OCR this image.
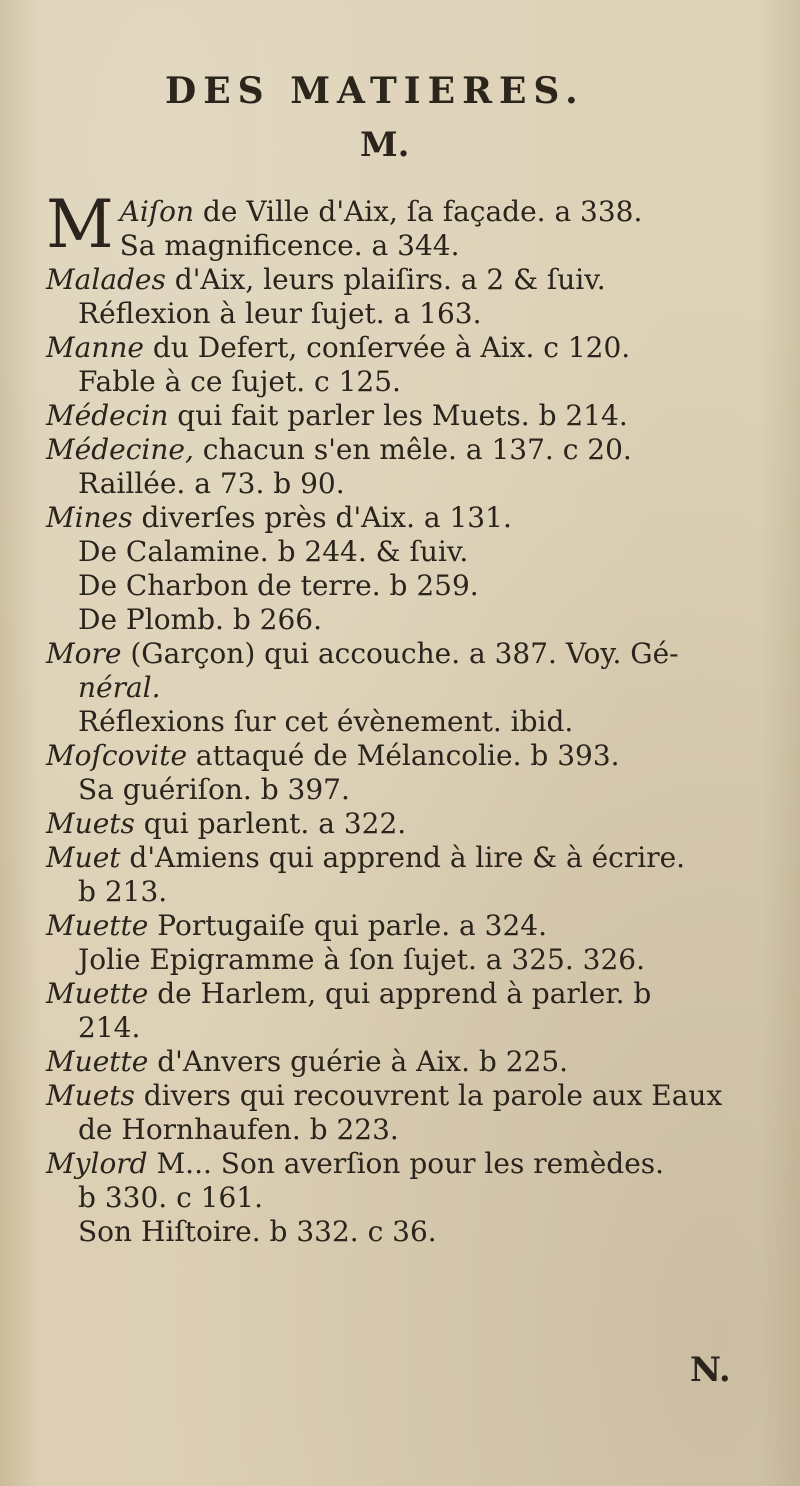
DES MATIERES.
M.
M Aiſon de Ville d'Aix, ſa façade. a 338.

Sa magnificence. a 344.

Malades d'Aix, leurs plaiſirs. a 2 & ſuiv.

Réflexion à leur ſujet. a 163.

Manne du Defert, conſervée à Aix. c 120.

Fable à ce ſujet. c 125.

Médecin qui fait parler les Muets. b 214.

Médecine, chacun s'en mêle. a 137. c 20.

Raillée. a 73. b 90.

Mines diverſes près d'Aix. a 131.

De Calamine. b 244. & ſuiv.

De Charbon de terre. b 259.

De Plomb. b 266.

More (Garçon) qui accouche. a 387. Voy. Gé-

néral.

Réflexions ſur cet évènement. ibid.

Moſcovite attaqué de Mélancolie. b 393.

Sa guériſon. b 397.

Muets qui parlent. a 322.

Muet d'Amiens qui apprend à lire & à écrire.

b 213.

Muette Portugaiſe qui parle. a 324.

Jolie Epigramme à ſon ſujet. a 325. 326.

Muette de Harlem, qui apprend à parler. b

214.

Muette d'Anvers guérie à Aix. b 225.

Muets divers qui recouvrent la parole aux Eaux

de Hornhaufen. b 223.

Mylord M... Son averſion pour les remèdes.

b 330. c 161.

Son Hiſtoire. b 332. c 36.

N.
